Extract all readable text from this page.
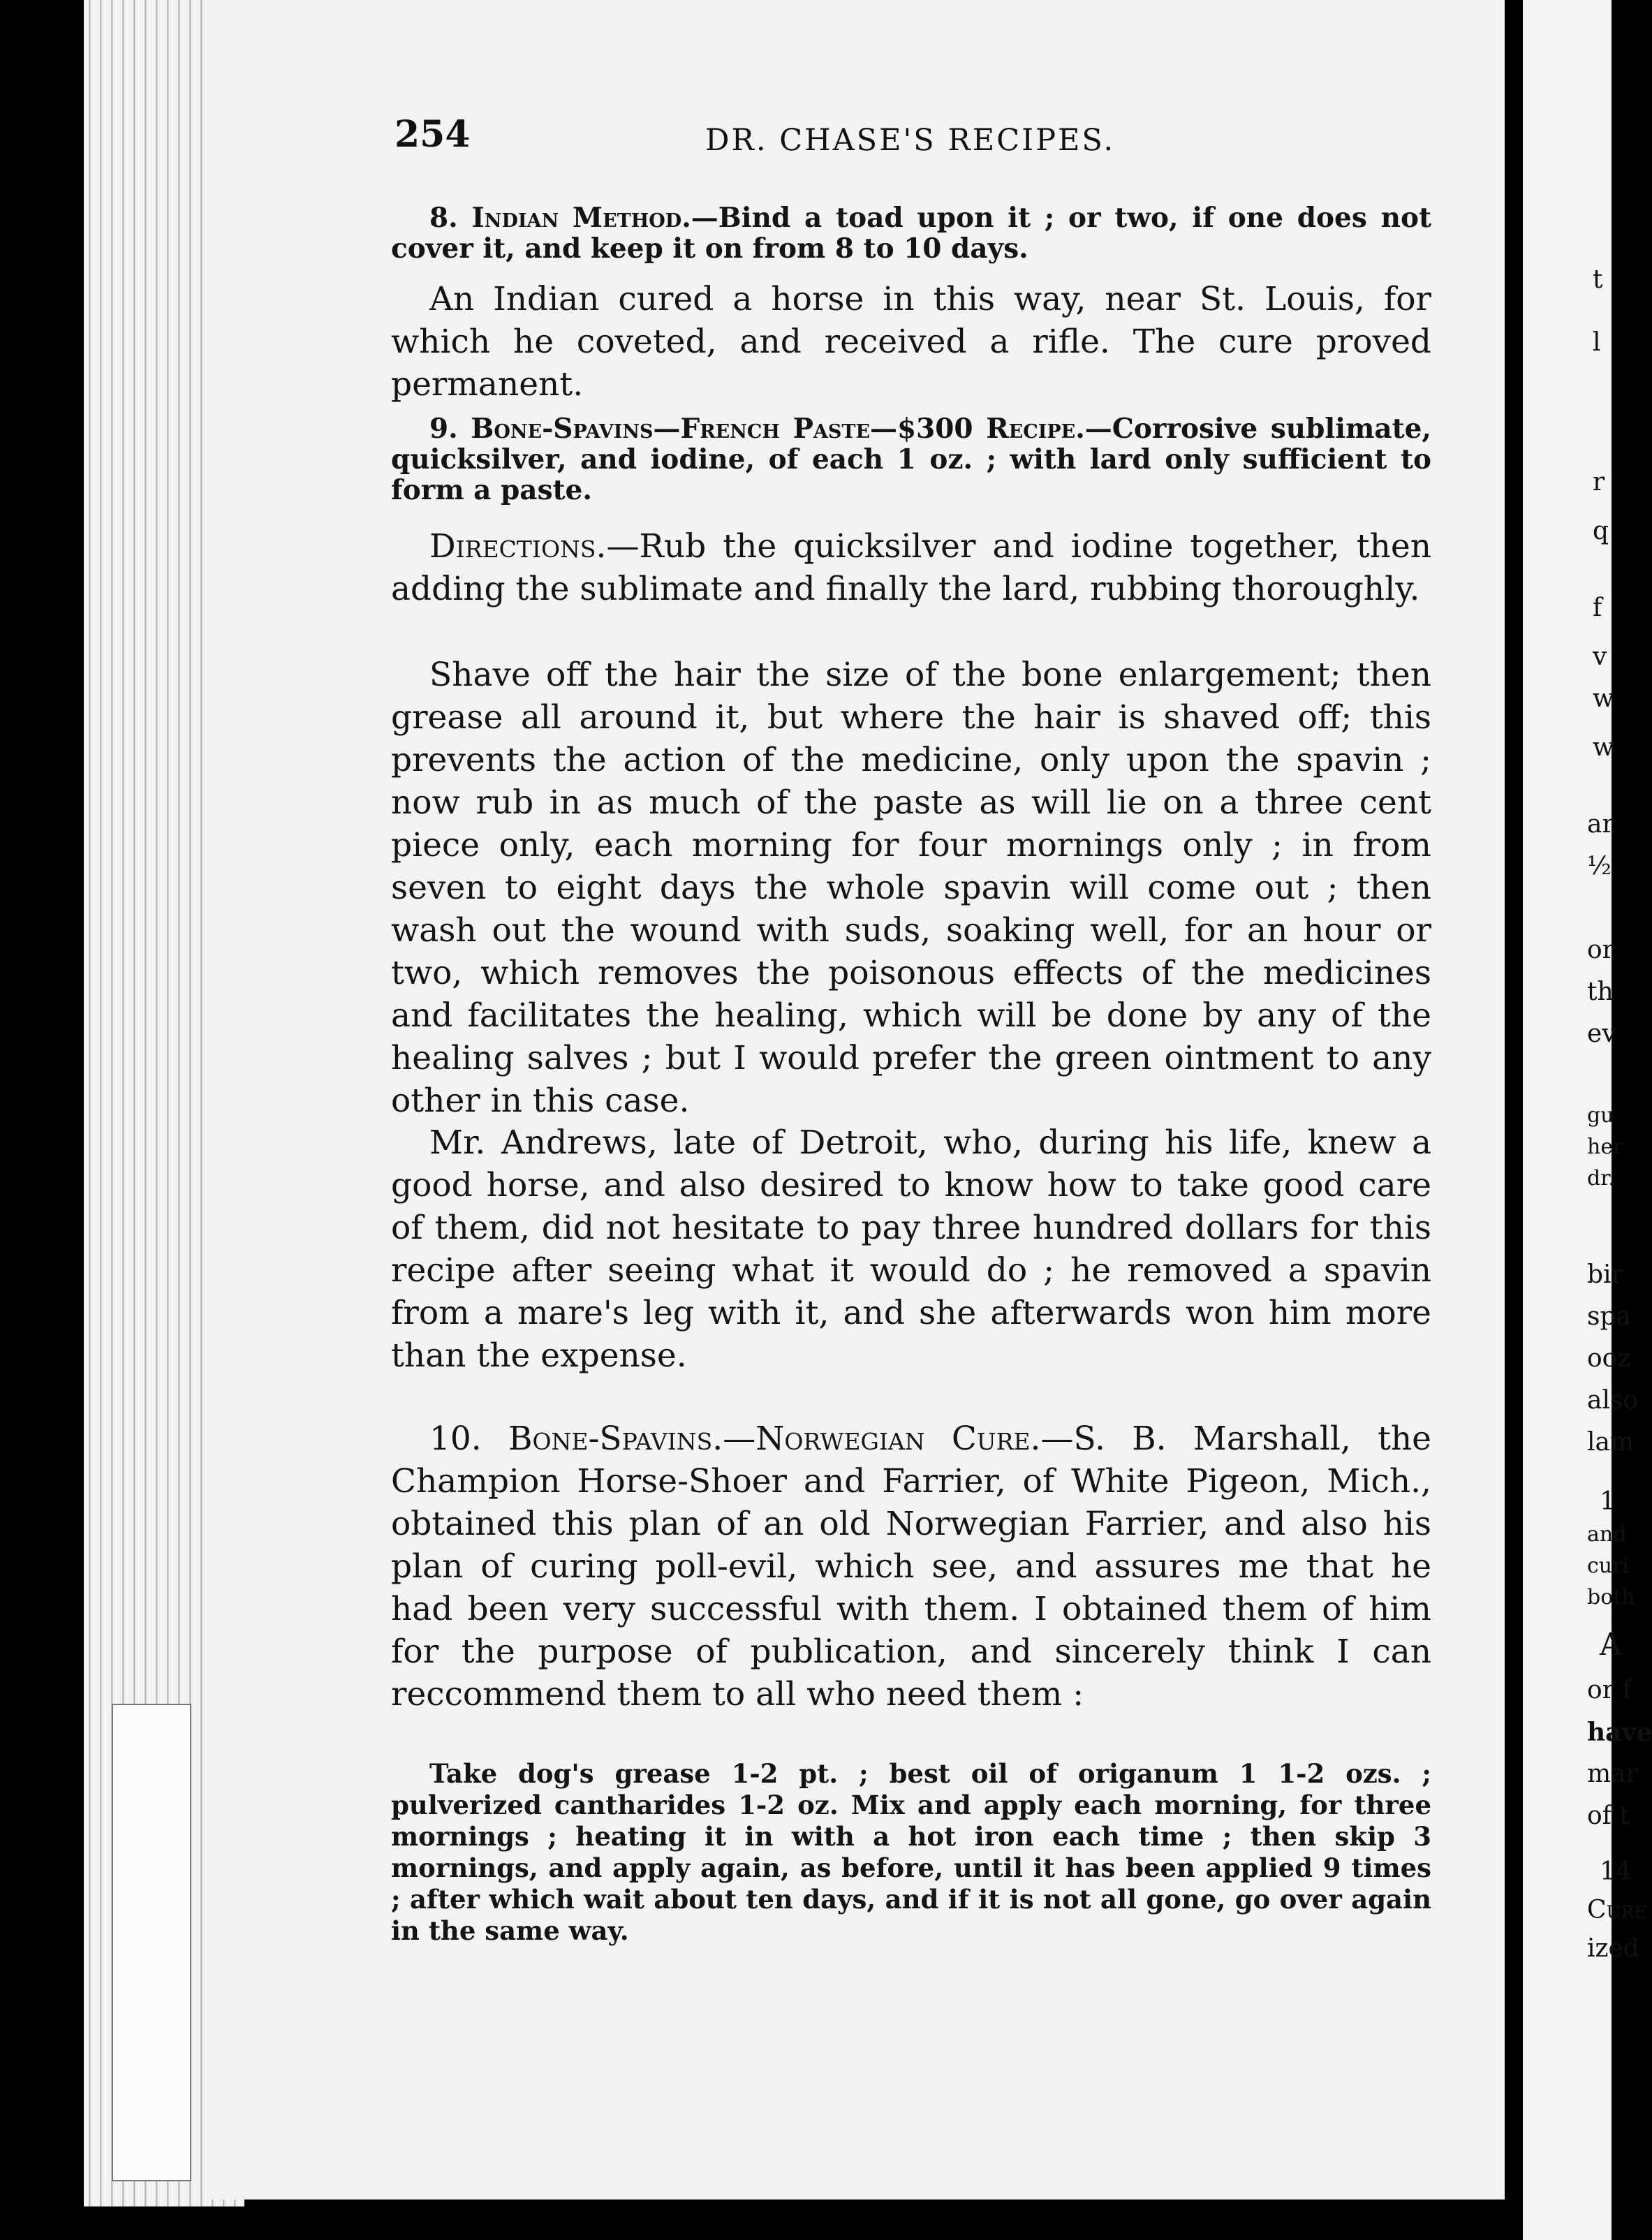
254	DR. CHASE'S RECIPES.
8. Indian Method.—Bind a toad upon it ; or two, if one does not cover it, and keep it on from 8 to 10 days.
An Indian cured a horse in this way, near St. Louis, for which he coveted, and received a rifle. The cure proved permanent.
9. Bone-Spavins—French Paste—$300 Recipe.—Corrosive sublimate, quicksilver, and iodine, of each 1 oz. ; with lard only sufficient to form a paste.
Directions.—Rub the quicksilver and iodine together, then adding the sublimate and finally the lard, rubbing thoroughly.
Shave off the hair the size of the bone enlargement; then grease all around it, but where the hair is shaved off; this prevents the action of the medicine, only upon the spavin ; now rub in as much of the paste as will lie on a three cent piece only, each morning for four mornings only ; in from seven to eight days the whole spavin will come out ; then wash out the wound with suds, soaking well, for an hour or two, which removes the poisonous effects of the medicines and facilitates the healing, which will be done by any of the healing salves ; but I would prefer the green ointment to any other in this case.
Mr. Andrews, late of Detroit, who, during his life, knew a good horse, and also desired to know how to take good care of them, did not hesitate to pay three hundred dollars for this recipe after seeing what it would do ; he removed a spavin from a mare's leg with it, and she afterwards won him more than the expense.
10. Bone-Spavins.—Norwegian Cure.—S. B. Marshall, the Champion Horse-Shoer and Farrier, of White Pigeon, Mich., obtained this plan of an old Norwegian Farrier, and also his plan of curing poll-evil, which see, and assures me that he had been very successful with them. I obtained them of him for the purpose of publication, and sincerely think I can reccommend them to all who need them :
Take dog's grease 1-2 pt. ; best oil of origanum 1 1-2 ozs. ; pulverized cantharides 1-2 oz. Mix and apply each morning, for three mornings ; heating it in with a hot iron each time ; then skip 3 mornings, and apply again, as before, until it has been applied 9 times ; after which wait about ten days, and if it is not all gone, go over again in the same way.
t
l
r
q
f
v
w
w
ar
½
or
th
ev
gu
her
dr.
bir
spa
ooz
also
lam
1
and
curi
both
A
or f
have
mar
of t
14
Cure
ized
